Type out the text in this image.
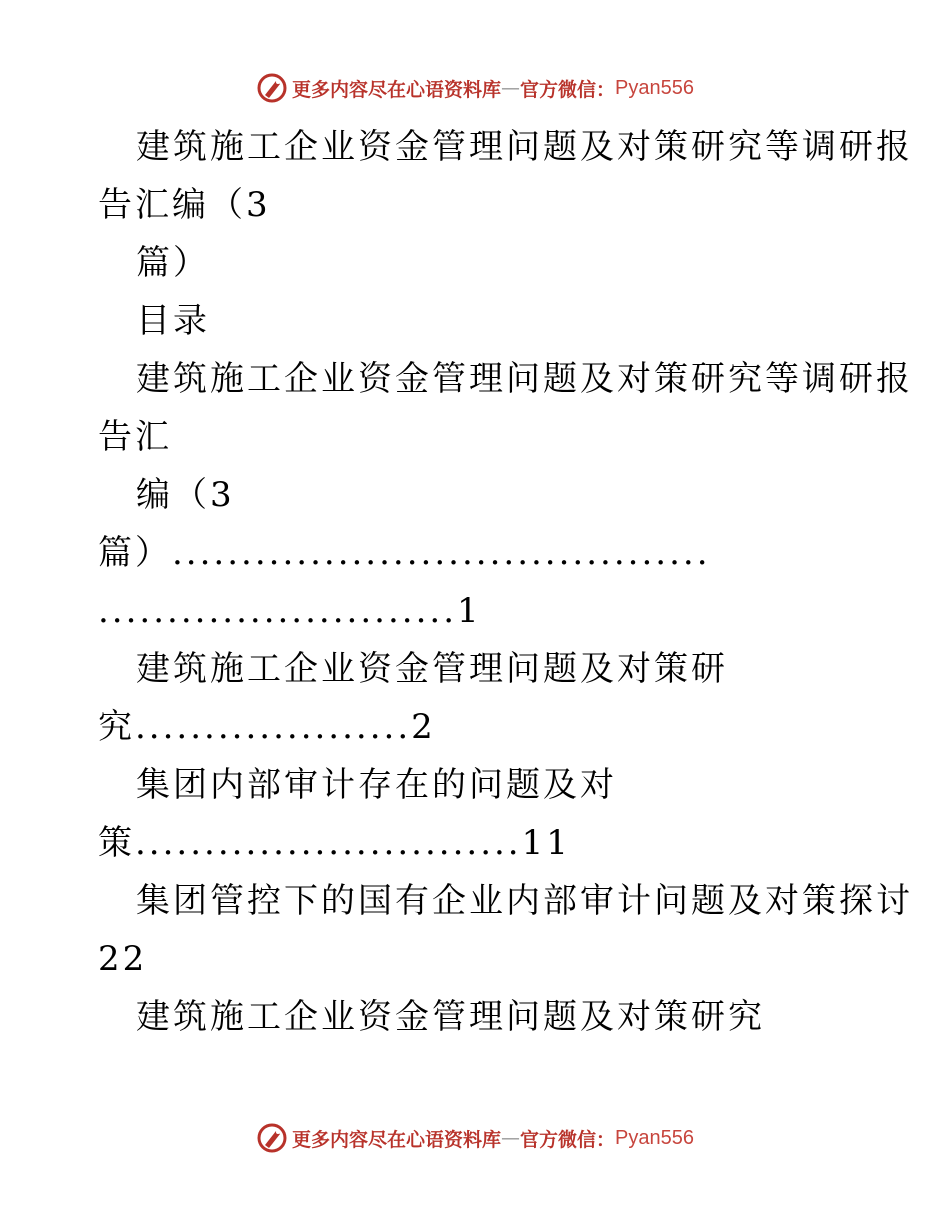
更多内容尽在心语资料库 — 官方微信： Pyan556
建筑施工企业资金管理问题及对策研究等调研报
告汇编（3
篇）
目录
建筑施工企业资金管理问题及对策研究等调研报
告汇
编（3
篇）.......................................
..........................1
建筑施工企业资金管理问题及对策研
究....................2
集团内部审计存在的问题及对
策............................11
集团管控下的国有企业内部审计问题及对策探讨
22
建筑施工企业资金管理问题及对策研究
更多内容尽在心语资料库 — 官方微信： Pyan556
